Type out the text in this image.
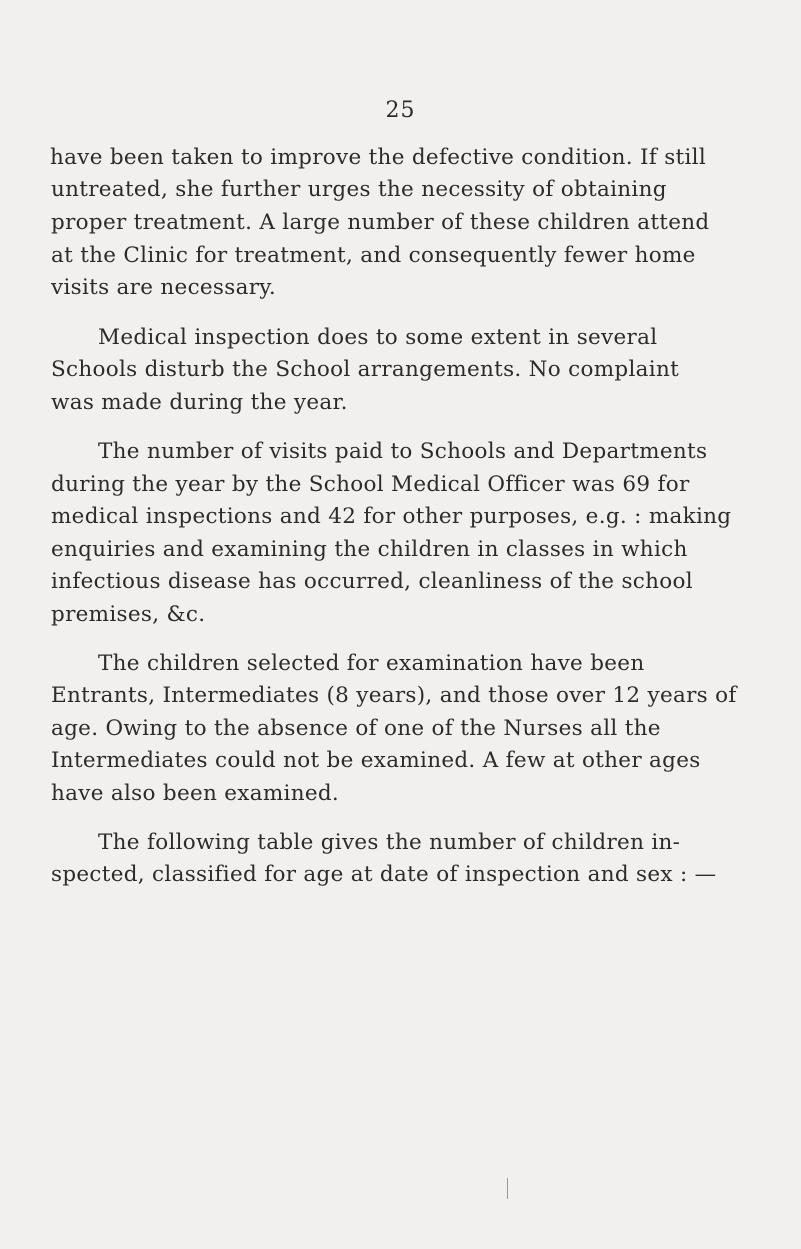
25
have been taken to improve the defective condition. If still
untreated, she further urges the necessity of obtaining
proper treatment. A large number of these children attend
at the Clinic for treatment, and consequently fewer home
visits are necessary.
Medical inspection does to some extent in several
Schools disturb the School arrangements. No complaint
was made during the year.
The number of visits paid to Schools and Departments
during the year by the School Medical Officer was 69 for
medical inspections and 42 for other purposes, e.g. : making
enquiries and examining the children in classes in which
infectious disease has occurred, cleanliness of the school
premises, &c.
The children selected for examination have been
Entrants, Intermediates (8 years), and those over 12 years of
age. Owing to the absence of one of the Nurses all the
Intermediates could not be examined. A few at other ages
have also been examined.
The following table gives the number of children in-
spected, classified for age at date of inspection and sex : —
